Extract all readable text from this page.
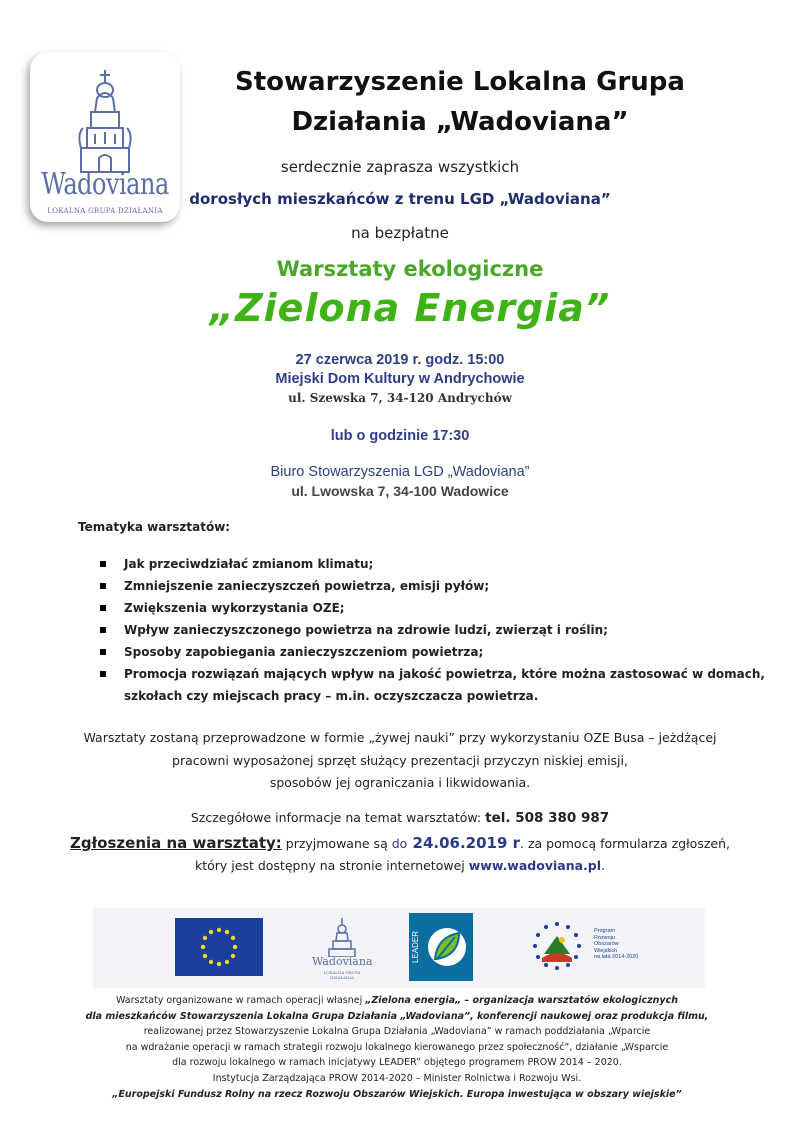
Wadoviana
LOKALNA GRUPA DZIAŁANIA
Stowarzyszenie Lokalna Grupa
Działania „Wadoviana”
serdecznie zaprasza wszystkich
dorosłych mieszkańców z trenu LGD „Wadoviana”
na bezpłatne
Warsztaty ekologiczne
„Zielona Energia”
27 czerwca 2019 r. godz. 15:00
Miejski Dom Kultury w Andrychowie
ul. Szewska 7, 34-120 Andrychów
lub o godzinie 17:30
Biuro Stowarzyszenia LGD „Wadoviana”
ul. Lwowska 7, 34-100 Wadowice
Tematyka warsztatów:
Jak przeciwdziałać zmianom klimatu;
Zmniejszenie zanieczyszczeń powietrza, emisji pyłów;
Zwiększenia wykorzystania OZE;
Wpływ zanieczyszczonego powietrza na zdrowie ludzi, zwierząt i roślin;
Sposoby zapobiegania zanieczyszczeniom powietrza;
Promocja rozwiązań mających wpływ na jakość powietrza, które można zastosować w domach,
szkołach czy miejscach pracy – m.in. oczyszczacza powietrza.
Warsztaty zostaną przeprowadzone w formie „żywej nauki” przy wykorzystaniu OZE Busa – jeżdżącej
pracowni wyposażonej sprzęt służący prezentacji przyczyn niskiej emisji,
sposobów jej ograniczania i likwidowania.
Szczegółowe informacje na temat warsztatów: tel. 508 380 987
Zgłoszenia na warsztaty: przyjmowane są do 24.06.2019 r. za pomocą formularza zgłoszeń,
który jest dostępny na stronie internetowej www.wadoviana.pl.
Wadoviana
LOKALNA GRUPA DZIAŁANIA
LEADER	Program
Rozwoju
Obszarów
Wiejskich
na lata 2014-2020
Warsztaty organizowane w ramach operacji własnej „Zielona energia„ – organizacja warsztatów ekologicznych
dla mieszkańców Stowarzyszenia Lokalna Grupa Działania „Wadoviana”, konferencji naukowej oraz produkcja filmu,
realizowanej przez Stowarzyszenie Lokalna Grupa Działania „Wadoviana” w ramach poddziałania „Wparcie
na wdrażanie operacji w ramach strategii rozwoju lokalnego kierowanego przez społeczność”, działanie „Wsparcie
dla rozwoju lokalnego w ramach inicjatywy LEADER” objętego programem PROW 2014 – 2020.
Instytucja Zarządzająca PROW 2014-2020 – Minister Rolnictwa i Rozwoju Wsi.
„Europejski Fundusz Rolny na rzecz Rozwoju Obszarów Wiejskich. Europa inwestująca w obszary wiejskie”
